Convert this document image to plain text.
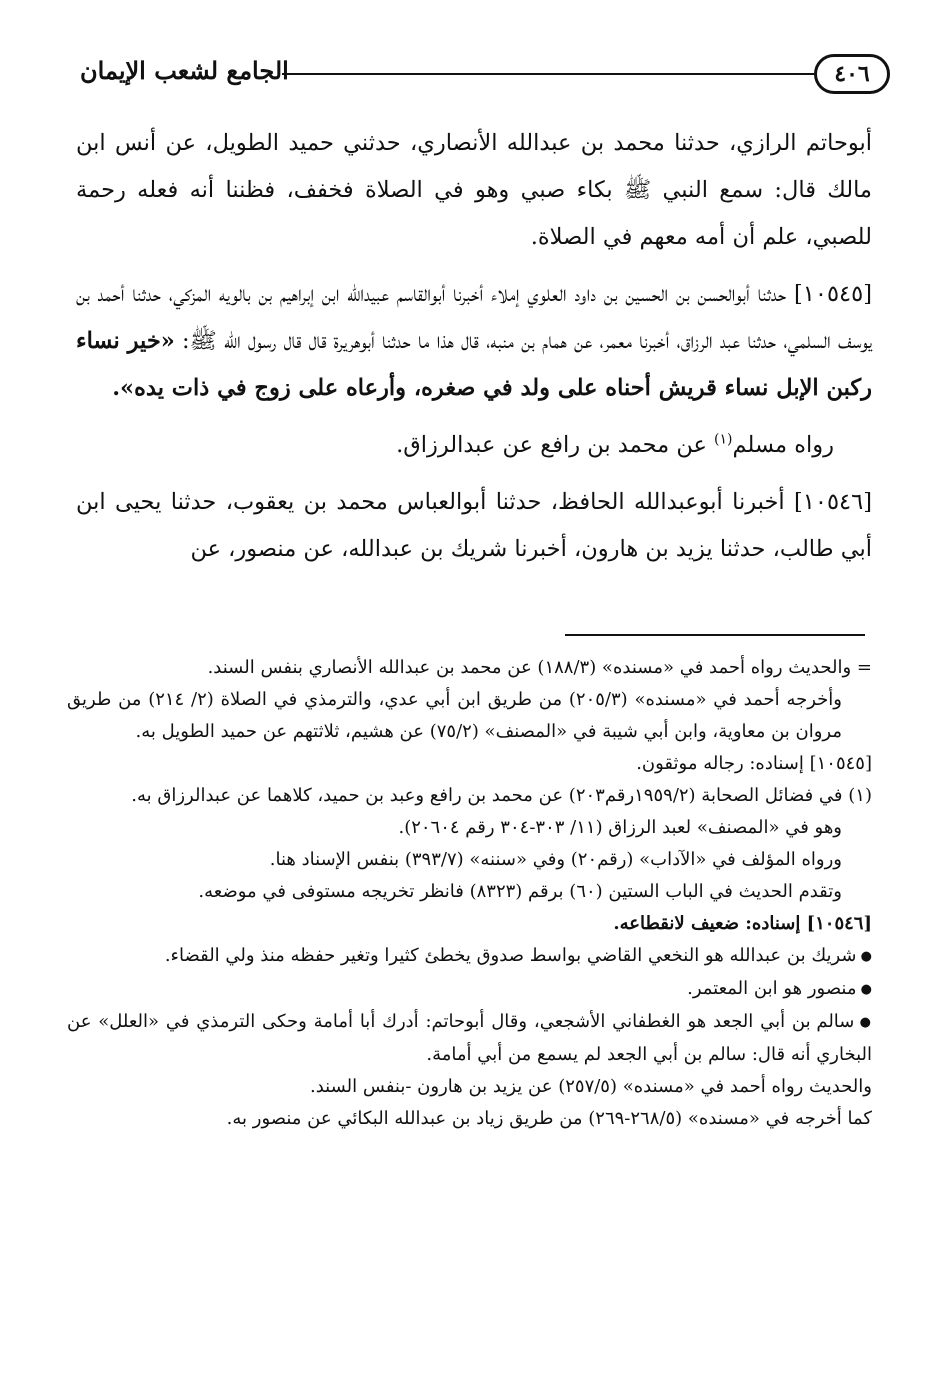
٤٠٦
الجامع لشعب الإيمان

أبوحاتم الرازي، حدثنا محمد بن عبدالله الأنصاري، حدثني حميد الطويل، عن أنس ابن مالك قال: سمع النبي ﷺ بكاء صبي وهو في الصلاة فخفف، فظننا أنه فعله رحمة للصبي، علم أن أمه معهم في الصلاة.

[١٠٥٤٥] حدثنا أبوالحسن بن الحسين بن داود العلوي إملاء أخبرنا أبوالقاسم عبيدالله ابن إبراهيم بن بالويه المزكي، حدثنا أحمد بن يوسف السلمي، حدثنا عبد الرزاق، أخبرنا معمر، عن همام بن منبه، قال هذا ما حدثنا أبوهريرة قال قال رسول الله ﷺ: «خير نساء ركبن الإبل نساء قريش أحناه على ولد في صغره، وأرعاه على زوج في ذات يده».

رواه مسلم$^{(١)}$ عن محمد بن رافع عن عبدالرزاق.

[١٠٥٤٦] أخبرنا أبوعبدالله الحافظ، حدثنا أبوالعباس محمد بن يعقوب، حدثنا يحيى ابن أبي طالب، حدثنا يزيد بن هارون، أخبرنا شريك بن عبدالله، عن منصور، عن

= والحديث رواه أحمد في «مسنده» (١٨٨/٣) عن محمد بن عبدالله الأنصاري بنفس السند.

وأخرجه أحمد في «مسنده» (٢٠٥/٣) من طريق ابن أبي عدي، والترمذي في الصلاة (٢/ ٢١٤) من طريق مروان بن معاوية، وابن أبي شيبة في «المصنف» (٧٥/٢) عن هشيم، ثلاثتهم عن حميد الطويل به.

[١٠٥٤٥] إسناده: رجاله موثقون.

(١) في فضائل الصحابة (١٩٥٩/٢رقم٢٠٣) عن محمد بن رافع وعبد بن حميد، كلاهما عن عبدالرزاق به.

وهو في «المصنف» لعبد الرزاق (١١/ ٣٠٣-٣٠٤ رقم ٢٠٦٠٤).

ورواه المؤلف في «الآداب» (رقم٢٠) وفي «سننه» (٣٩٣/٧) بنفس الإسناد هنا.

وتقدم الحديث في الباب الستين (٦٠) برقم (٨٣٢٣) فانظر تخريجه مستوفى في موضعه.

[١٠٥٤٦] إسناده: ضعيف لانقطاعه.

● شريك بن عبدالله هو النخعي القاضي بواسط صدوق يخطئ كثيرا وتغير حفظه منذ ولي القضاء.

● منصور هو ابن المعتمر.

● سالم بن أبي الجعد هو الغطفاني الأشجعي، وقال أبوحاتم: أدرك أبا أمامة وحكى الترمذي في «العلل» عن البخاري أنه قال: سالم بن أبي الجعد لم يسمع من أبي أمامة.

والحديث رواه أحمد في «مسنده» (٢٥٧/٥) عن يزيد بن هارون -بنفس السند.

كما أخرجه في «مسنده» (٢٦٨/٥-٢٦٩) من طريق زياد بن عبدالله البكائي عن منصور به.
